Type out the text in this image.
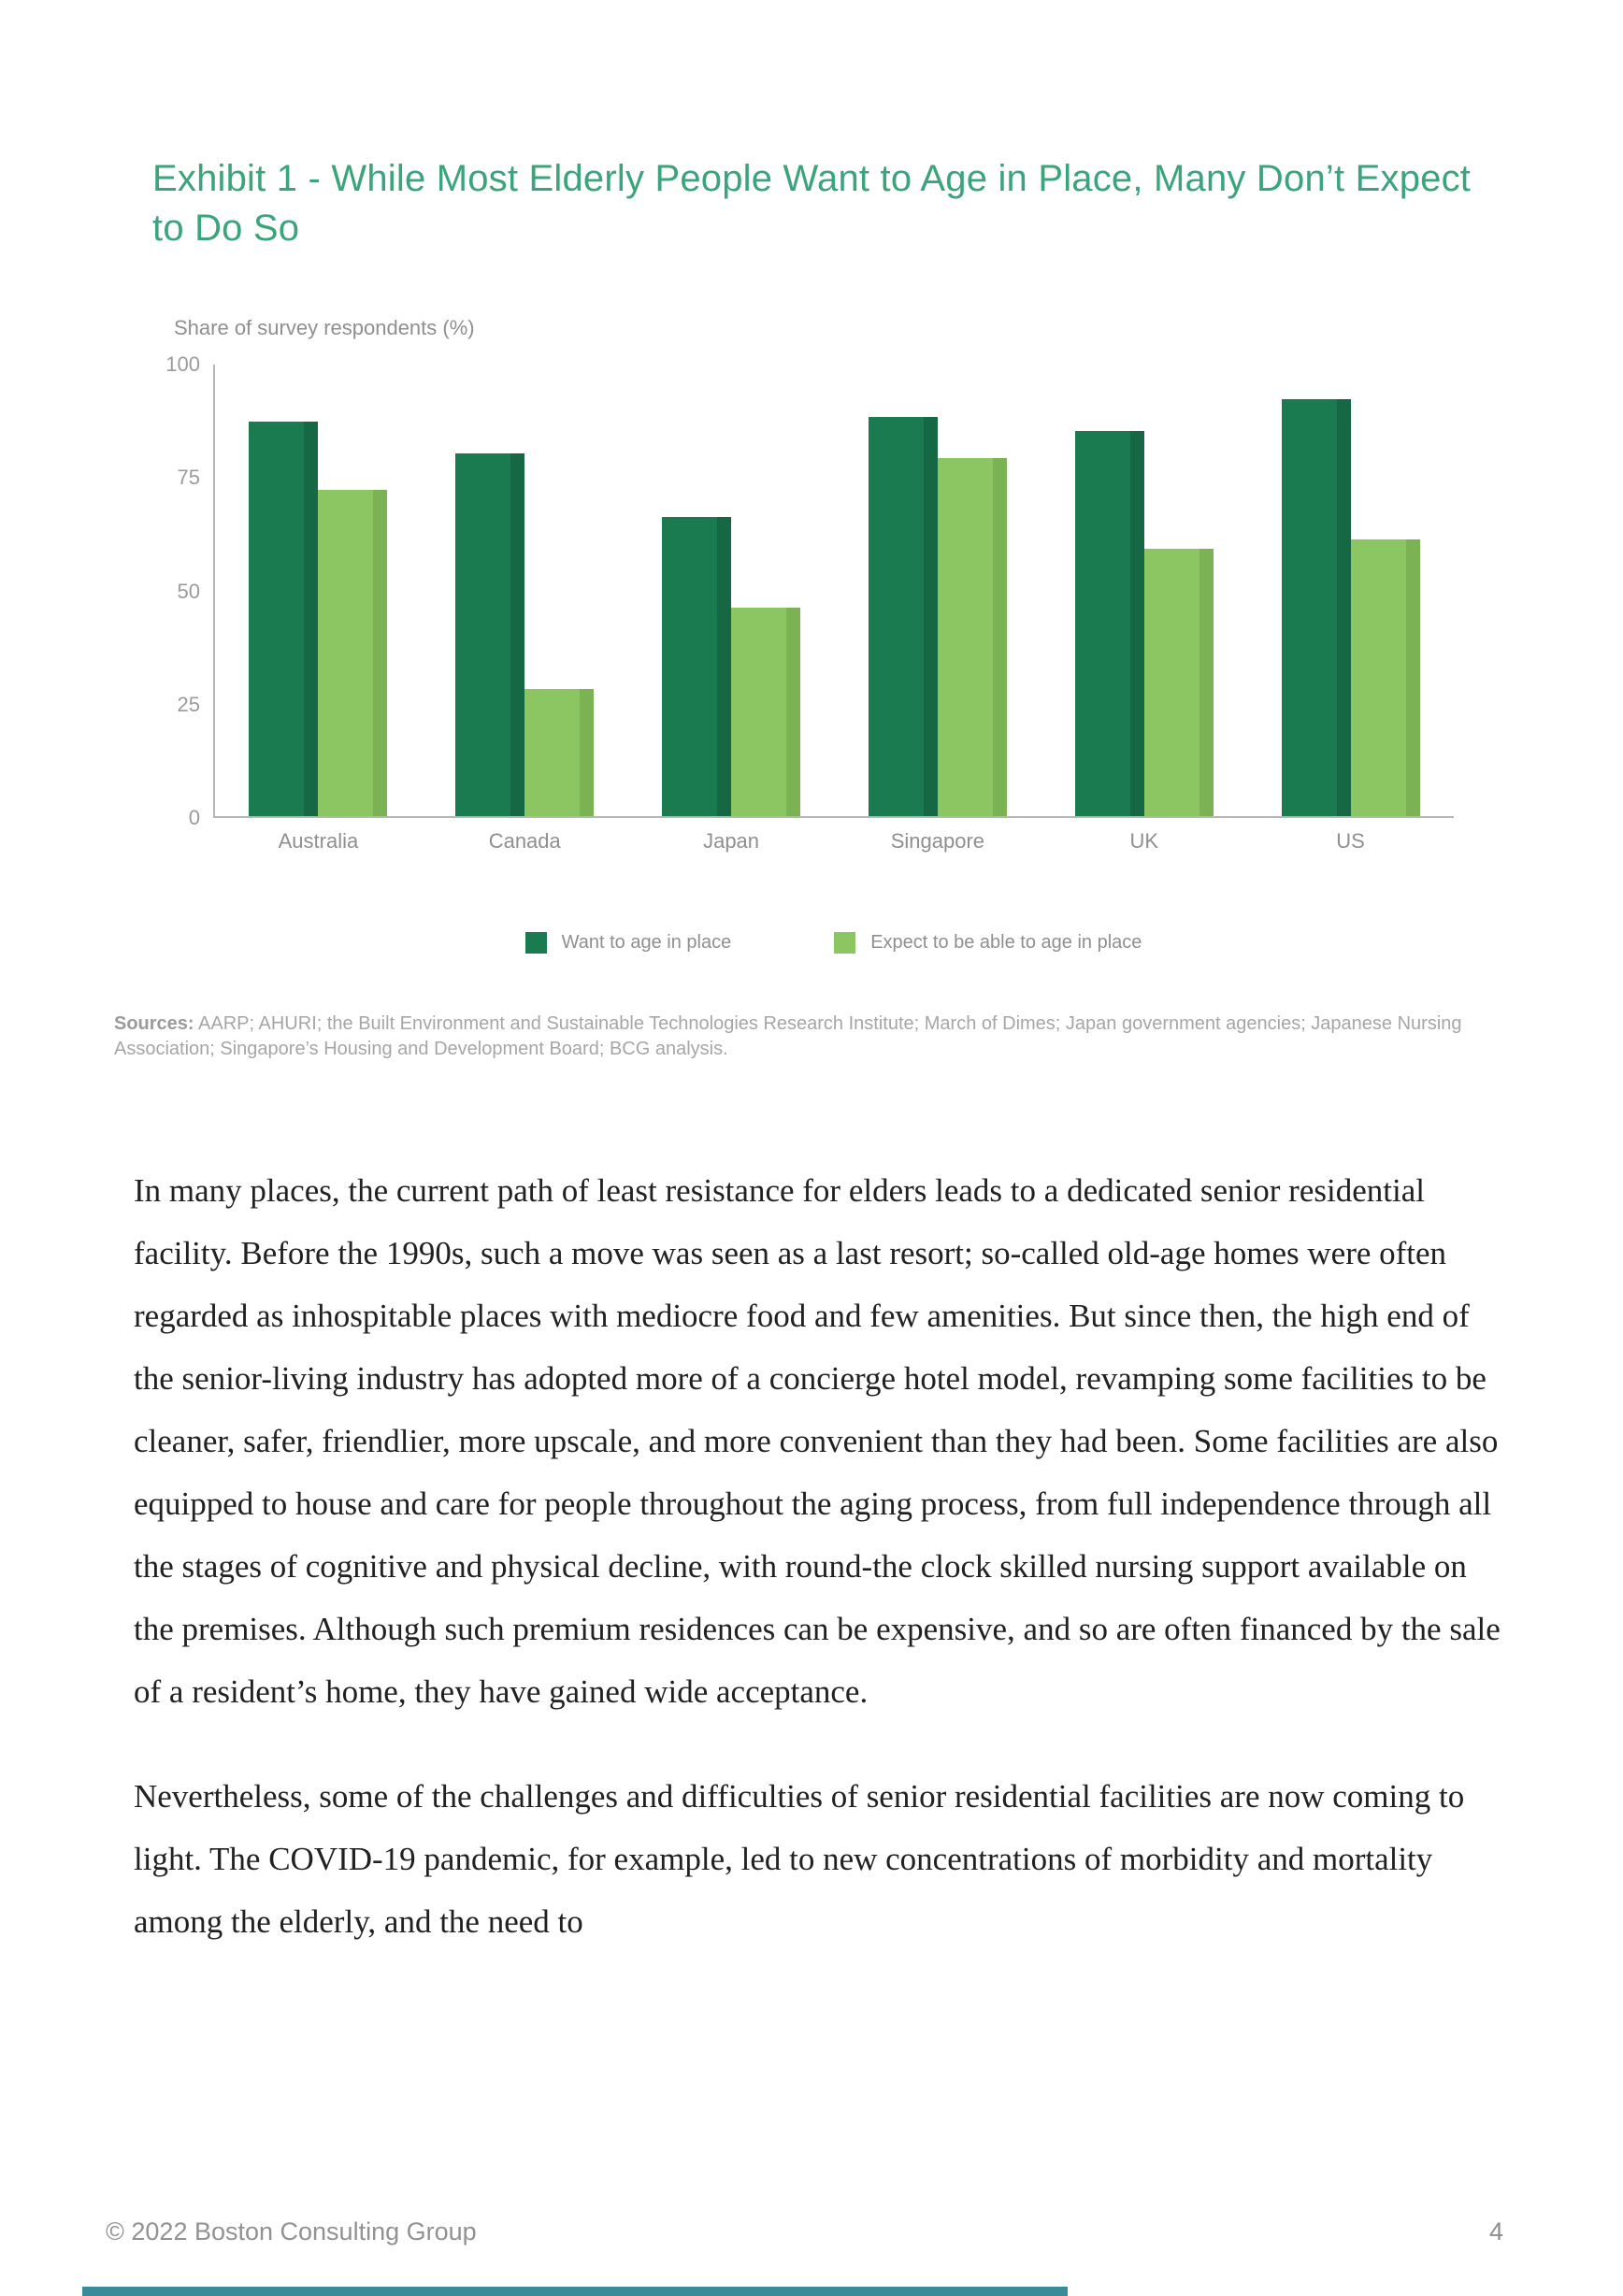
Exhibit 1 - While Most Elderly People Want to Age in Place, Many Don’t Expect to Do So
Share of survey respondents (%)
100
75
50
25
0
Australia	Canada	Japan	Singapore	UK	US
Want to age in place	Expect to be able to age in place
Sources: AARP; AHURI; the Built Environment and Sustainable Technologies Research Institute; March of Dimes; Japan government agencies; Japanese Nursing Association; Singapore’s Housing and Development Board; BCG analysis.

In many places, the current path of least resistance for elders leads to a dedicated senior residential facility. Before the 1990s, such a move was seen as a last resort; so-called old-age homes were often regarded as inhospitable places with mediocre food and few amenities. But since then, the high end of the senior-living industry has adopted more of a concierge hotel model, revamping some facilities to be cleaner, safer, friendlier, more upscale, and more convenient than they had been. Some facilities are also equipped to house and care for people throughout the aging process, from full independence through all the stages of cognitive and physical decline, with round-the clock skilled nursing support available on the premises. Although such premium residences can be expensive, and so are often financed by the sale of a resident’s home, they have gained wide acceptance.

Nevertheless, some of the challenges and difficulties of senior residential facilities are now coming to light. The COVID-19 pandemic, for example, led to new concentrations of morbidity and mortality among the elderly, and the need to

© 2022 Boston Consulting Group	4
